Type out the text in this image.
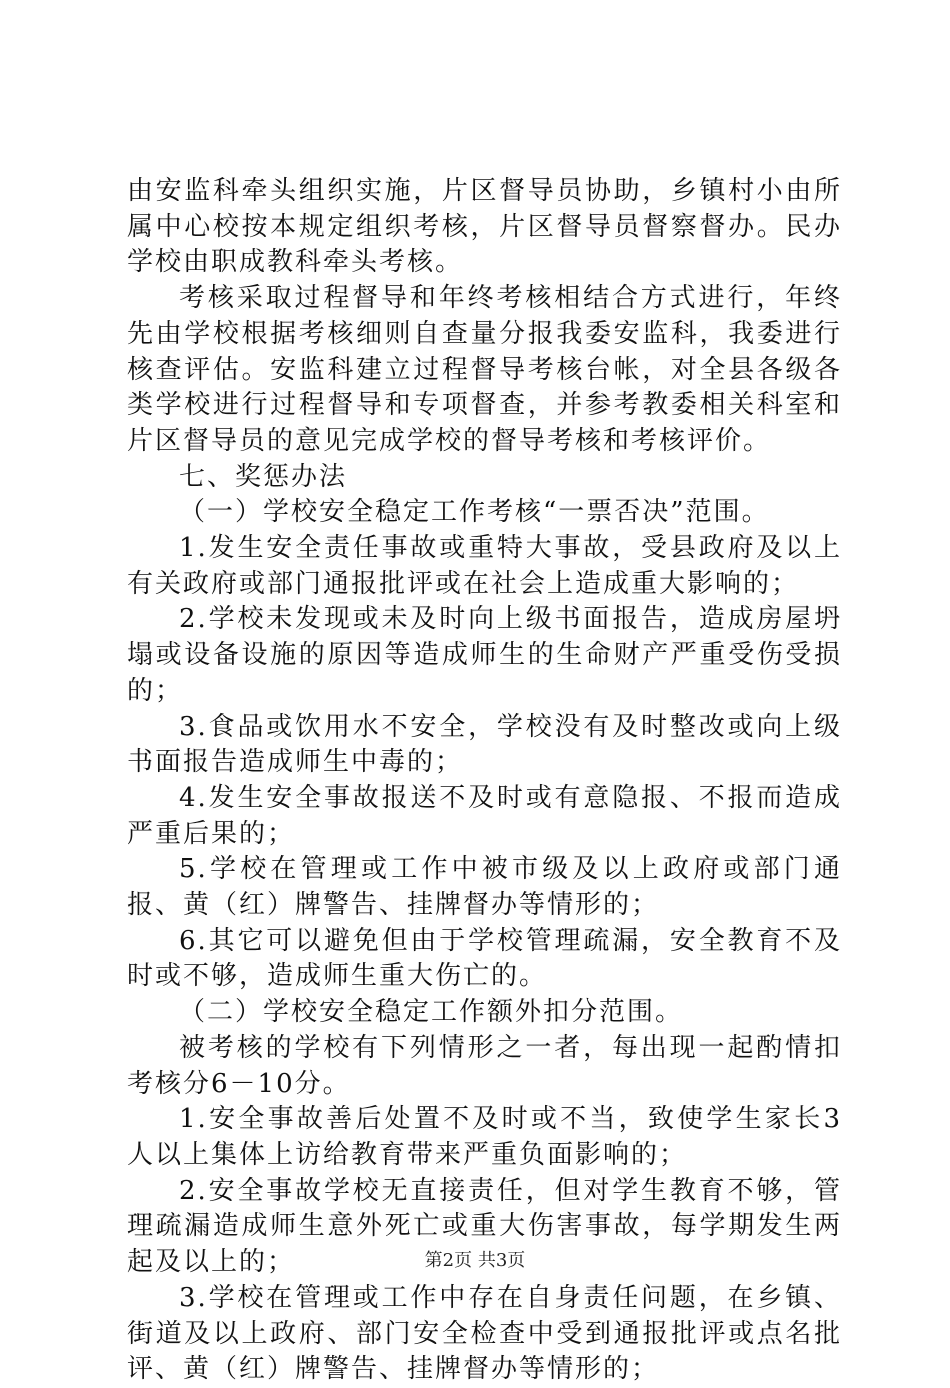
由安监科牵头组织实施，片区督导员协助，乡镇村小由所属中心校按本规定组织考核，片区督导员督察督办。民办学校由职成教科牵头考核。

考核采取过程督导和年终考核相结合方式进行，年终先由学校根据考核细则自查量分报我委安监科，我委进行核查评估。安监科建立过程督导考核台帐，对全县各级各类学校进行过程督导和专项督查，并参考教委相关科室和片区督导员的意见完成学校的督导考核和考核评价。

七、奖惩办法

（一）学校安全稳定工作考核“一票否决”范围。

1.发生安全责任事故或重特大事故，受县政府及以上有关政府或部门通报批评或在社会上造成重大影响的；

2.学校未发现或未及时向上级书面报告，造成房屋坍塌或设备设施的原因等造成师生的生命财产严重受伤受损的；

3.食品或饮用水不安全，学校没有及时整改或向上级书面报告造成师生中毒的；

4.发生安全事故报送不及时或有意隐报、不报而造成严重后果的；

5.学校在管理或工作中被市级及以上政府或部门通报、黄（红）牌警告、挂牌督办等情形的；

6.其它可以避免但由于学校管理疏漏，安全教育不及时或不够，造成师生重大伤亡的。

（二）学校安全稳定工作额外扣分范围。

被考核的学校有下列情形之一者，每出现一起酌情扣考核分6－10分。

1.安全事故善后处置不及时或不当，致使学生家长3人以上集体上访给教育带来严重负面影响的；

2.安全事故学校无直接责任，但对学生教育不够，管理疏漏造成师生意外死亡或重大伤害事故，每学期发生两起及以上的；

3.学校在管理或工作中存在自身责任问题，在乡镇、街道及以上政府、部门安全检查中受到通报批评或点名批评、黄（红）牌警告、挂牌督办等情形的；

第2页 共3页
